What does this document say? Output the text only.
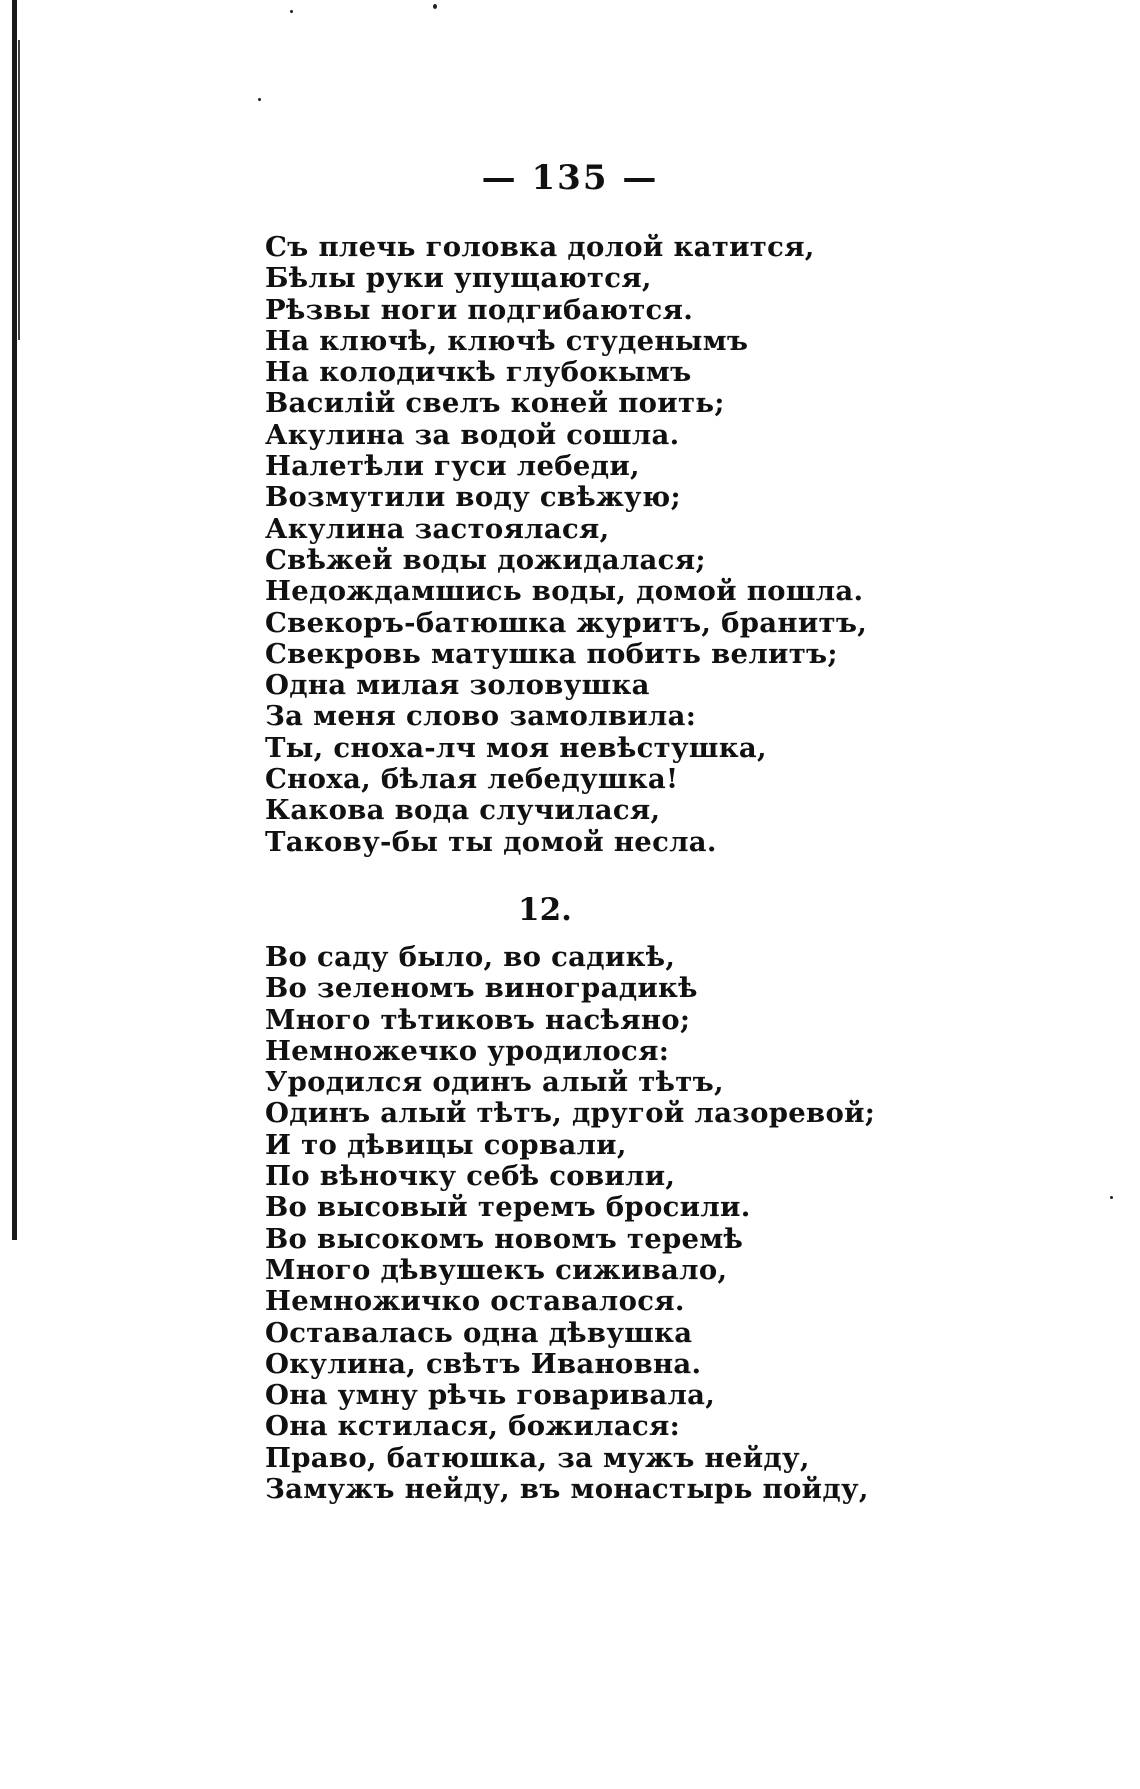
— 135 —
Съ плечь головка долой катится,
Бѣлы руки упущаются,
Рѣзвы ноги подгибаются.
На ключѣ, ключѣ студенымъ
На колодичкѣ глубокымъ
Василій свелъ коней поить;
Акулина за водой сошла.
Налетѣли гуси лебеди,
Возмутили воду свѣжую;
Акулина застоялася,
Свѣжей воды дожидалася;
Недождамшись воды, домой пошла.
Свекоръ-батюшка журитъ, бранитъ,
Свекровь матушка побить велитъ;
Одна милая золовушка
За меня слово замолвила:
Ты, сноха-лч моя невѣстушка,
Сноха, бѣлая лебедушка!
Какова вода случилася,
Такову-бы ты домой несла.
12.
Во саду было, во садикѣ,
Во зеленомъ виноградикѣ
Много тѣтиковъ насѣяно;
Немножечко уродилося:
Уродился одинъ алый тѣтъ,
Одинъ алый тѣтъ, другой лазоревой;
И то дѣвицы сорвали,
По вѣночку себѣ совили,
Во высовый теремъ бросили.
Во высокомъ новомъ теремѣ
Много дѣвушекъ сиживало,
Немножичко оставалося.
Оставалась одна дѣвушка
Окулина, свѣтъ Ивановна.
Она умну рѣчь говаривала,
Она кстилася, божилася:
Право, батюшка, за мужъ нейду,
Замужъ нейду, въ монастырь пойду,
